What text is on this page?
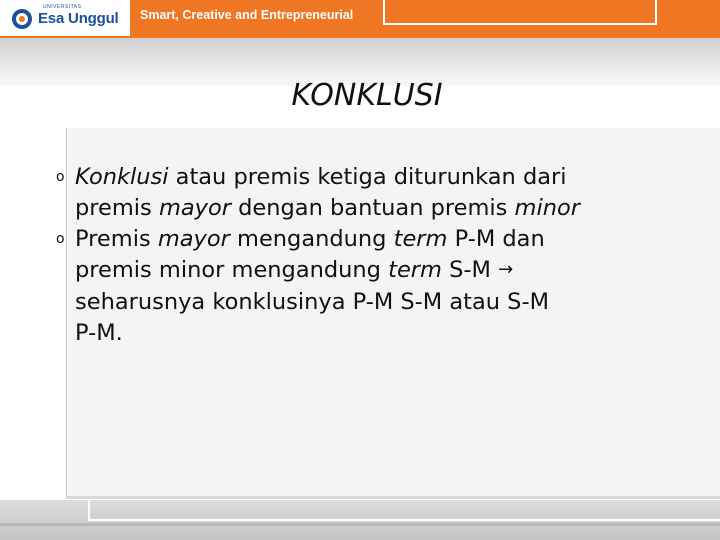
UNIVERSITAS
Esa Unggul Smart, Creative and Entrepreneurial
KONKLUSI
o Konklusi atau premis ketiga diturunkan dari
premis mayor dengan bantuan premis minor
o Premis mayor mengandung term P-M dan
premis minor mengandung term S-M →
seharusnya konklusinya P-M S-M atau S-M
P-M.
